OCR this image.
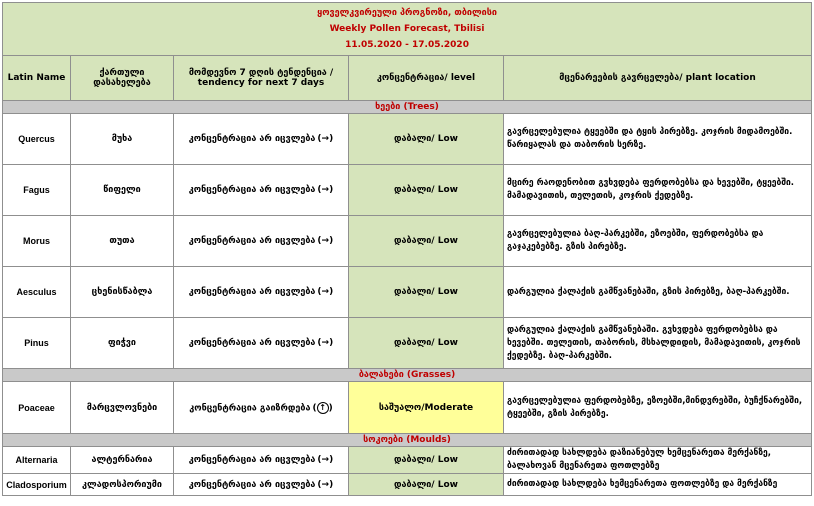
ყოველკვირეული პროგნოზი, თბილისი
Weekly Pollen Forecast, Tbilisi
11.05.2020 - 17.05.2020				

Latin Name	ქართული დასახელება	მომდევნო 7 დღის ტენდენცია / tendency for next 7 days	კონცენტრაცია/ level	მცენარეების გავრცელება/ plant location
ხეები (Trees)				
Quercus	მუხა	კონცენტრაცია არ იცვლება (→)	დაბალი/ Low	გავრცელებულია ტყეებში და ტყის პირებზე. კოჯრის მიდამოებში. წარიყალას და თაბორის სერზე.
Fagus	წიფელი	კონცენტრაცია არ იცვლება (→)	დაბალი/ Low	მცირე რაოდენობით გვხვდება ფერდობებსა და ხევებში, ტყეებში. მამადავითის, თელეთის, კოჯრის ქედებზე.
Morus	თუთა	კონცენტრაცია არ იცვლება (→)	დაბალი/ Low	გავრცელებულია ბაღ-პარკებში, ეზოებში, ფერდობებსა და გაჯაკებებზე. გზის პირებზე.
Aesculus	ცხენისწაბლა	კონცენტრაცია არ იცვლება (→)	დაბალი/ Low	დარგულია ქალაქის გამწვანებაში, გზის პირებზე, ბაღ-პარკებში.
Pinus	ფიჭვი	კონცენტრაცია არ იცვლება (→)	დაბალი/ Low	დარგულია ქალაქის გამწვანებაში. გვხვდება ფერდობებსა და ხევებში. თელეთის, თაბორის, მსხალდიდის, მამადავითის, კოჯრის ქედებზე. ბაღ-პარკებში.
ბალახები (Grasses)				
Poaceae	მარცვლოვნები	კონცენტრაცია გაიზრდება ( ↑ )	საშუალო/Moderate	გავრცელებულია ფერდობებზე, ეზოებში,მინდვრებში, ბუჩქნარებში, ტყეებში, გზის პირებზე.
სოკოები (Moulds)				
Alternaria	ალტერნარია	კონცენტრაცია არ იცვლება (→)	დაბალი/ Low	ძირითადად სახლდება დაზიანებულ ხემცენარეთა მერქანზე, ბალახოვან მცენარეთა ფოთლებზე
Cladosporium	კლადოსპორიუმი	კონცენტრაცია არ იცვლება (→)	დაბალი/ Low	ძირითადად სახლდება ხემცენარეთა ფოთლებზე და მერქანზე
